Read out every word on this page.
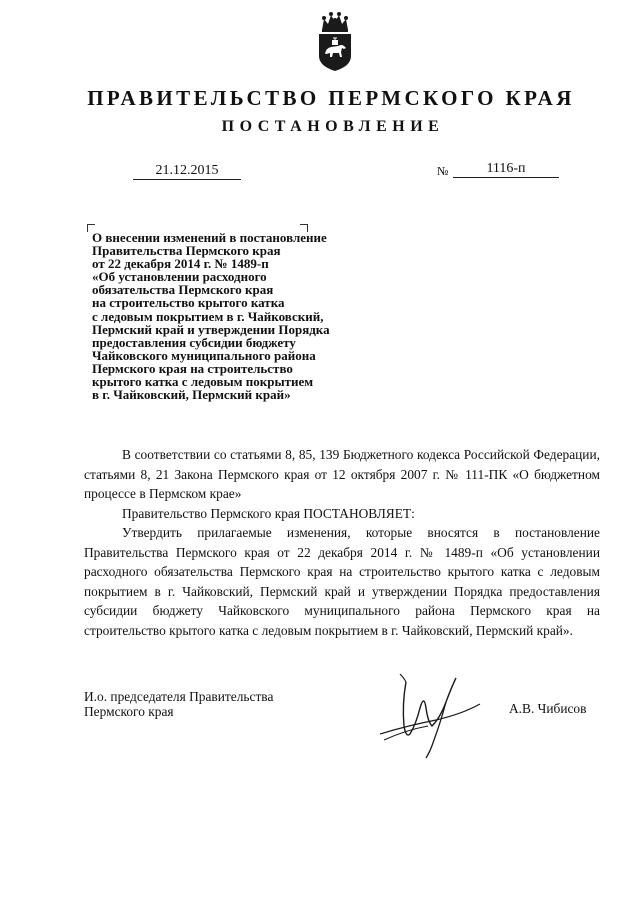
ПРАВИТЕЛЬСТВО ПЕРМСКОГО КРАЯ
ПОСТАНОВЛЕНИЕ
21.12.2015	№	1116-п
О внесении изменений в постановление
Правительства Пермского края
от 22 декабря 2014 г. № 1489-п
«Об установлении расходного
обязательства Пермского края
на строительство крытого катка
с ледовым покрытием в г. Чайковский,
Пермский край и утверждении Порядка
предоставления субсидии бюджету
Чайковского муниципального района
Пермского края на строительство
крытого катка с ледовым покрытием
в г. Чайковский, Пермский край»

В соответствии со статьями 8, 85, 139 Бюджетного кодекса Российской Федерации, статьями 8, 21 Закона Пермского края от 12 октября 2007 г. № 111-ПК «О бюджетном процессе в Пермском крае»

Правительство Пермского края ПОСТАНОВЛЯЕТ:

Утвердить прилагаемые изменения, которые вносятся в постановление Правительства Пермского края от 22 декабря 2014 г. № 1489-п «Об установлении расходного обязательства Пермского края на строительство крытого катка с ледовым покрытием в г. Чайковский, Пермский край и утверждении Порядка предоставления субсидии бюджету Чайковского муниципального района Пермского края на строительство крытого катка с ледовым покрытием в г. Чайковский, Пермский край».

И.о. председателя Правительства
Пермского края	А.В. Чибисов
